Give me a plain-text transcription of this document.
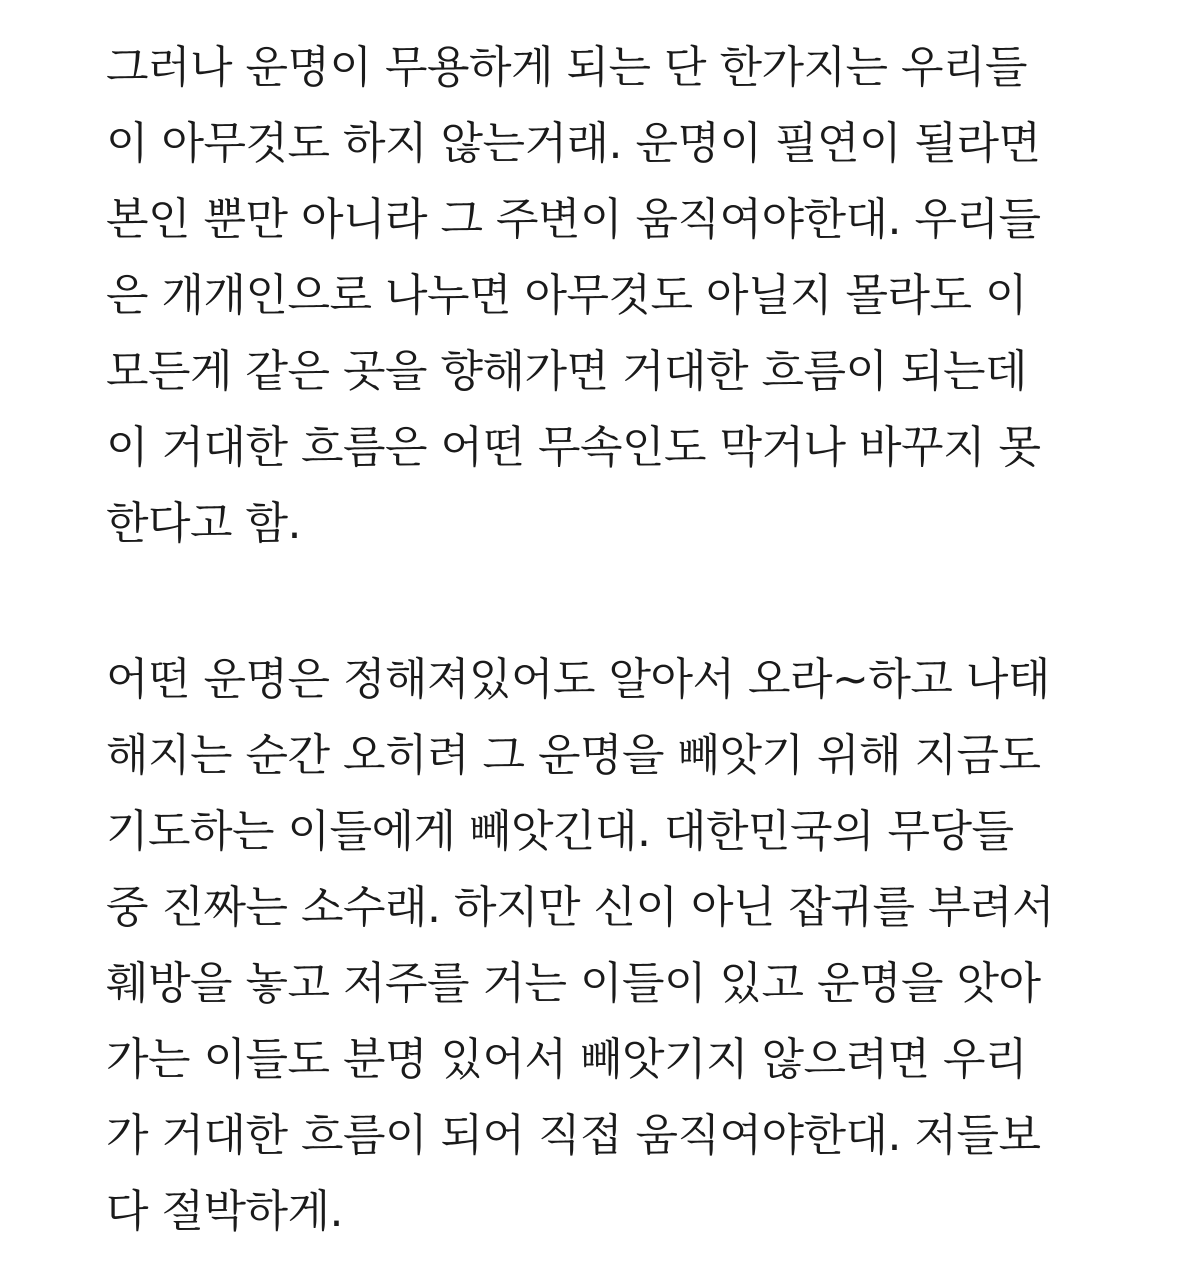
그러나 운명이 무용하게 되는 단 한가지는 우리들
이 아무것도 하지 않는거래. 운명이 필연이 될라면
본인 뿐만 아니라 그 주변이 움직여야한대. 우리들
은 개개인으로 나누면 아무것도 아닐지 몰라도 이
모든게 같은 곳을 향해가면 거대한 흐름이 되는데
이 거대한 흐름은 어떤 무속인도 막거나 바꾸지 못
한다고 함.

어떤 운명은 정해져있어도 알아서 오라~하고 나태
해지는 순간 오히려 그 운명을 빼앗기 위해 지금도
기도하는 이들에게 빼앗긴대. 대한민국의 무당들
중 진짜는 소수래. 하지만 신이 아닌 잡귀를 부려서
훼방을 놓고 저주를 거는 이들이 있고 운명을 앗아
가는 이들도 분명 있어서 빼앗기지 않으려면 우리
가 거대한 흐름이 되어 직접 움직여야한대. 저들보
다 절박하게.
